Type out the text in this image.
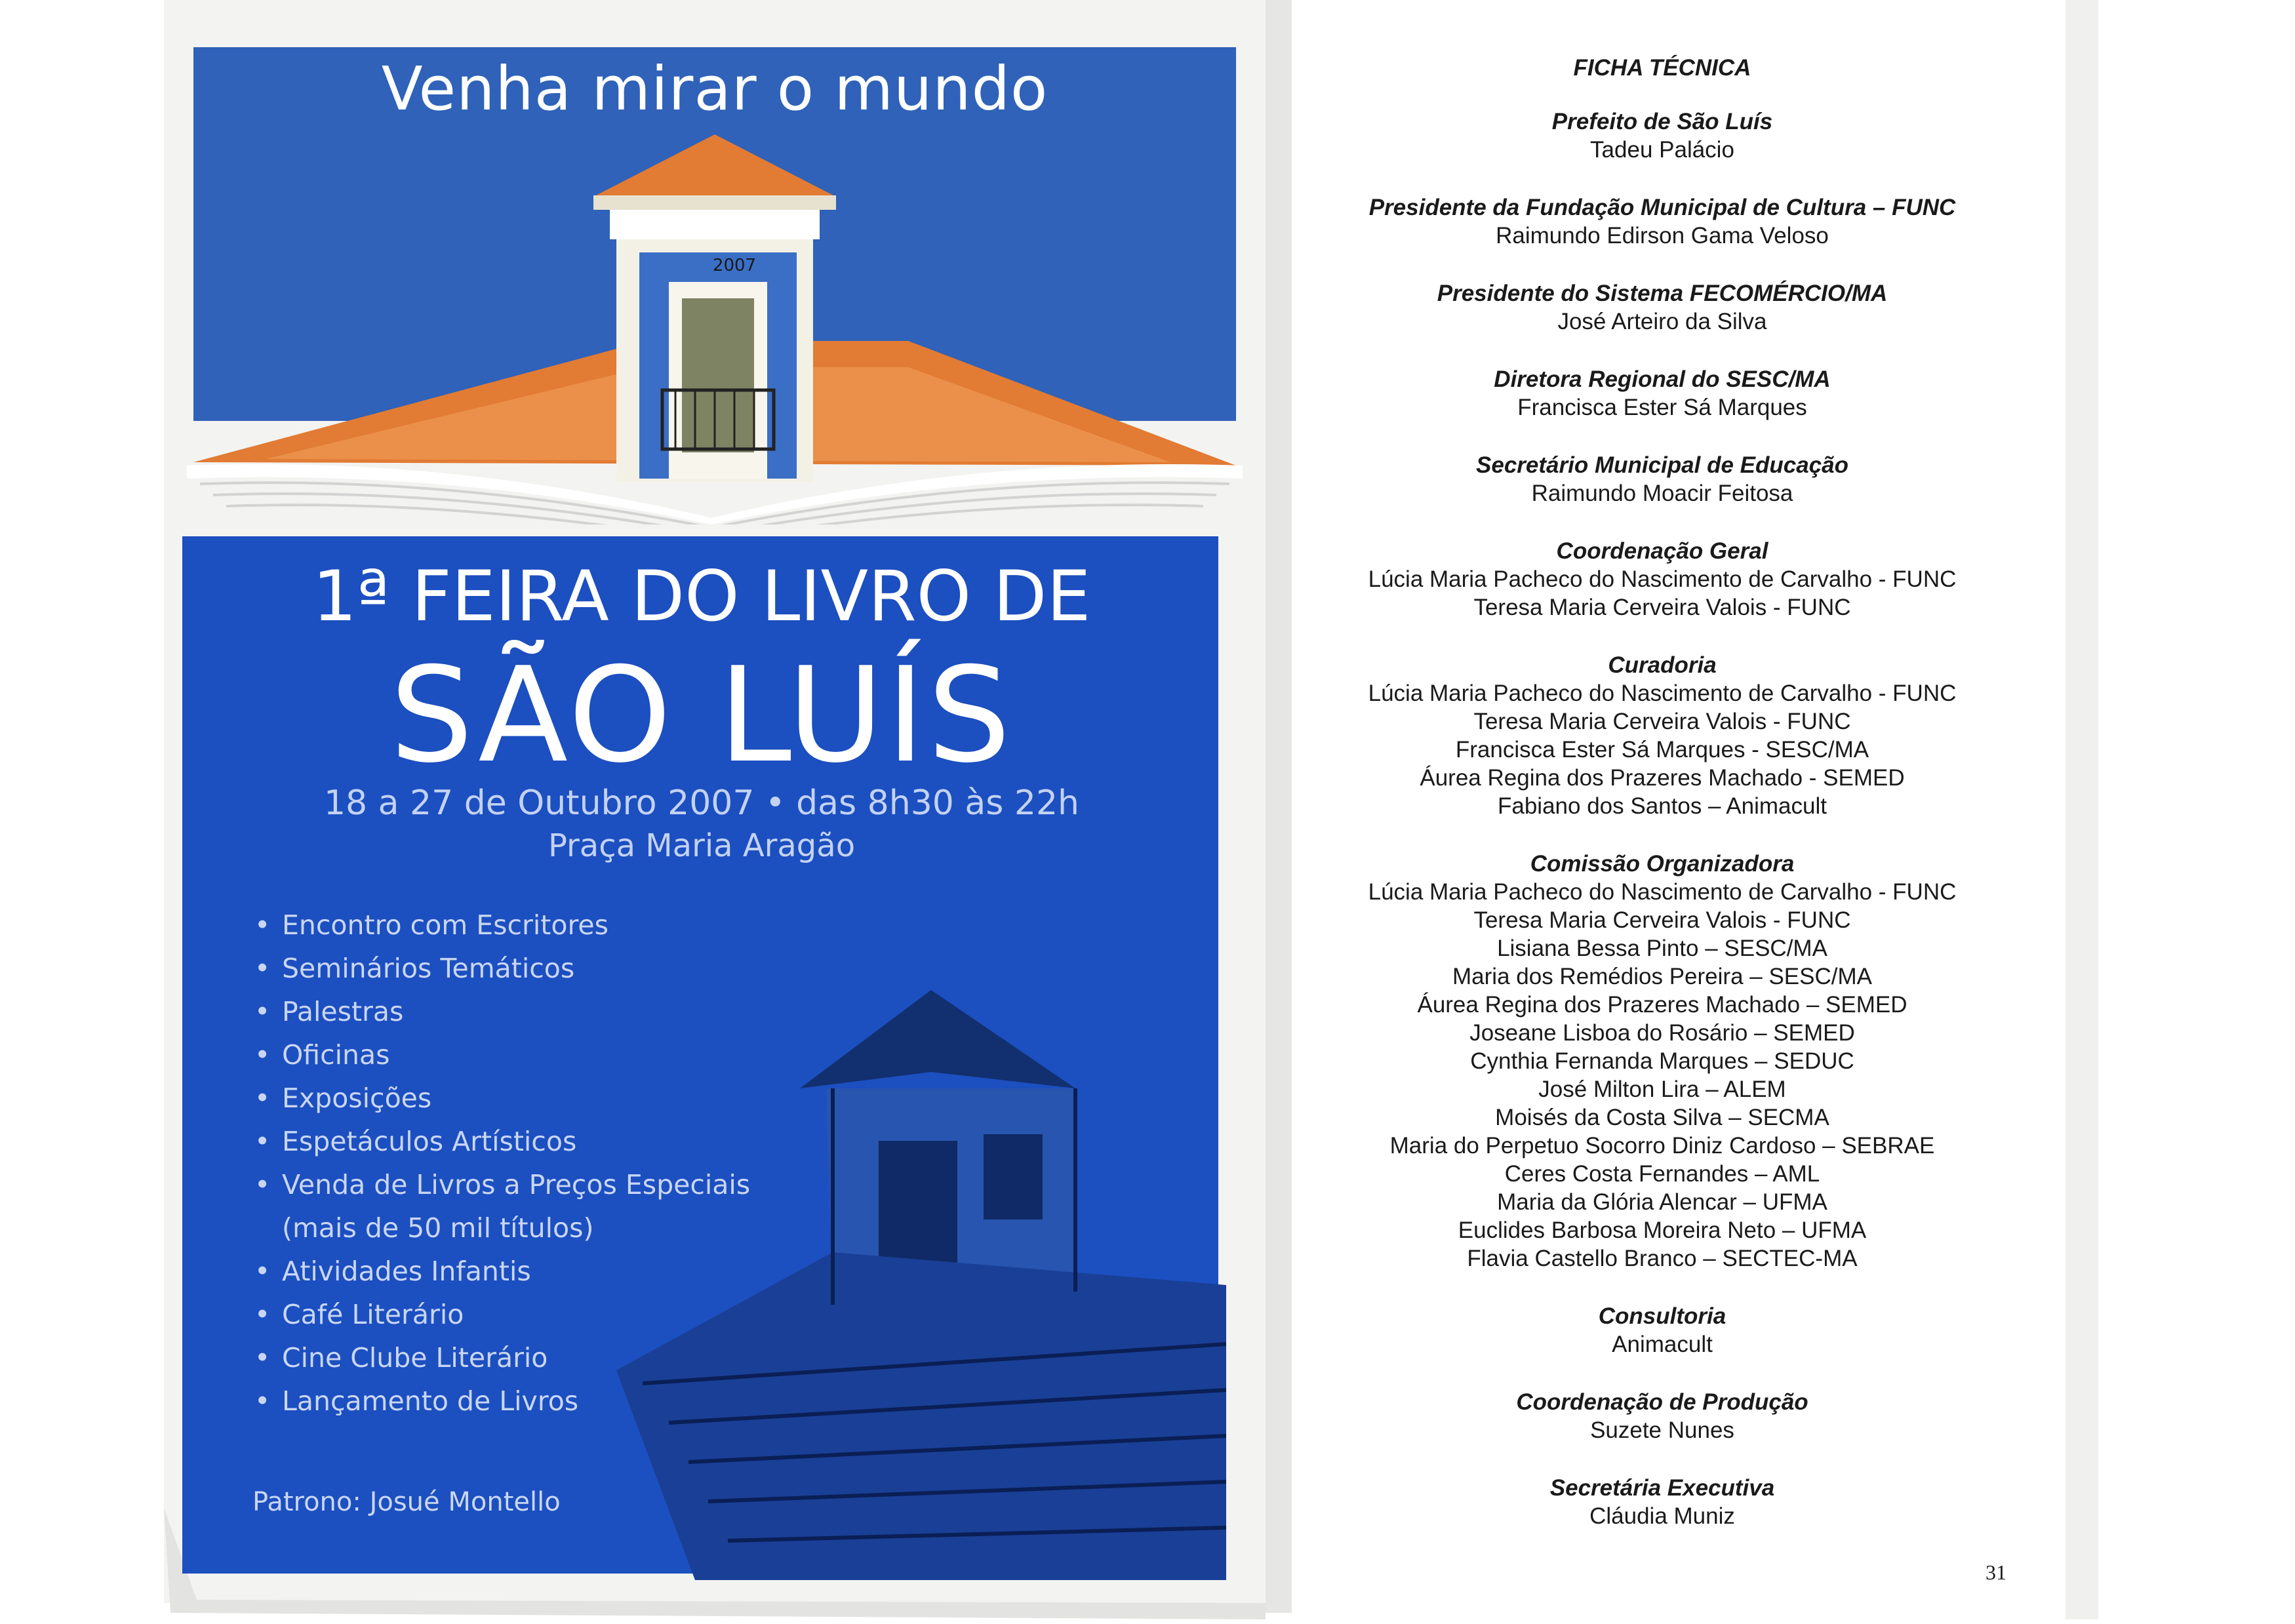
Venha mirar o mundo
2007
1ª FEIRA DO LIVRO DE
SÃO LUÍS
18 a 27 de Outubro 2007 • das 8h30 às 22h
Praça Maria Aragão
• Encontro com Escritores
• Seminários Temáticos
• Palestras
• Oficinas
• Exposições
• Espetáculos Artísticos
• Venda de Livros a Preços Especiais
(mais de 50 mil títulos)
• Atividades Infantis
• Café Literário
• Cine Clube Literário
• Lançamento de Livros
Patrono: Josué Montello
FICHA TÉCNICA
Prefeito de São Luís
Tadeu Palácio
Presidente da Fundação Municipal de Cultura – FUNC
Raimundo Edirson Gama Veloso
Presidente do Sistema FECOMÉRCIO/MA
José Arteiro da Silva
Diretora Regional do SESC/MA
Francisca Ester Sá Marques
Secretário Municipal de Educação
Raimundo Moacir Feitosa
Coordenação Geral
Lúcia Maria Pacheco do Nascimento de Carvalho - FUNC
Teresa Maria Cerveira Valois - FUNC
Curadoria
Lúcia Maria Pacheco do Nascimento de Carvalho - FUNC
Teresa Maria Cerveira Valois - FUNC
Francisca Ester Sá Marques - SESC/MA
Áurea Regina dos Prazeres Machado - SEMED
Fabiano dos Santos – Animacult
Comissão Organizadora
Lúcia Maria Pacheco do Nascimento de Carvalho - FUNC
Teresa Maria Cerveira Valois - FUNC
Lisiana Bessa Pinto – SESC/MA
Maria dos Remédios Pereira – SESC/MA
Áurea Regina dos Prazeres Machado – SEMED
Joseane Lisboa do Rosário – SEMED
Cynthia Fernanda Marques – SEDUC
José Milton Lira – ALEM
Moisés da Costa Silva – SECMA
Maria do Perpetuo Socorro Diniz Cardoso – SEBRAE
Ceres Costa Fernandes – AML
Maria da Glória Alencar – UFMA
Euclides Barbosa Moreira Neto – UFMA
Flavia Castello Branco – SECTEC-MA
Consultoria
Animacult
Coordenação de Produção
Suzete Nunes
Secretária Executiva
Cláudia Muniz
31
